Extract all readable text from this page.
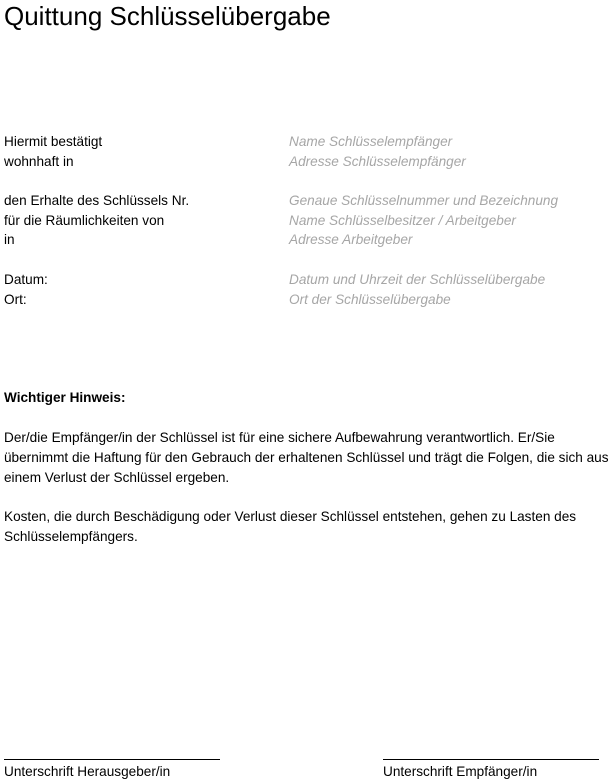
Quittung Schlüsselübergabe
Hiermit bestätigt	Name Schlüsselempfänger
wohnhaft in	Adresse Schlüsselempfänger
den Erhalte des Schlüssels Nr.	Genaue Schlüsselnummer und Bezeichnung
für die Räumlichkeiten von	Name Schlüsselbesitzer / Arbeitgeber
in	Adresse Arbeitgeber
Datum:	Datum und Uhrzeit der Schlüsselübergabe
Ort:	Ort der Schlüsselübergabe
Wichtiger Hinweis:

Der/die Empfänger/in der Schlüssel ist für eine sichere Aufbewahrung verantwortlich. Er/Sie übernimmt die Haftung für den Gebrauch der erhaltenen Schlüssel und trägt die Folgen, die sich aus einem Verlust der Schlüssel ergeben.

Kosten, die durch Beschädigung oder Verlust dieser Schlüssel entstehen, gehen zu Lasten des Schlüsselempfängers.

Unterschrift Herausgeber/in	Unterschrift Empfänger/in
